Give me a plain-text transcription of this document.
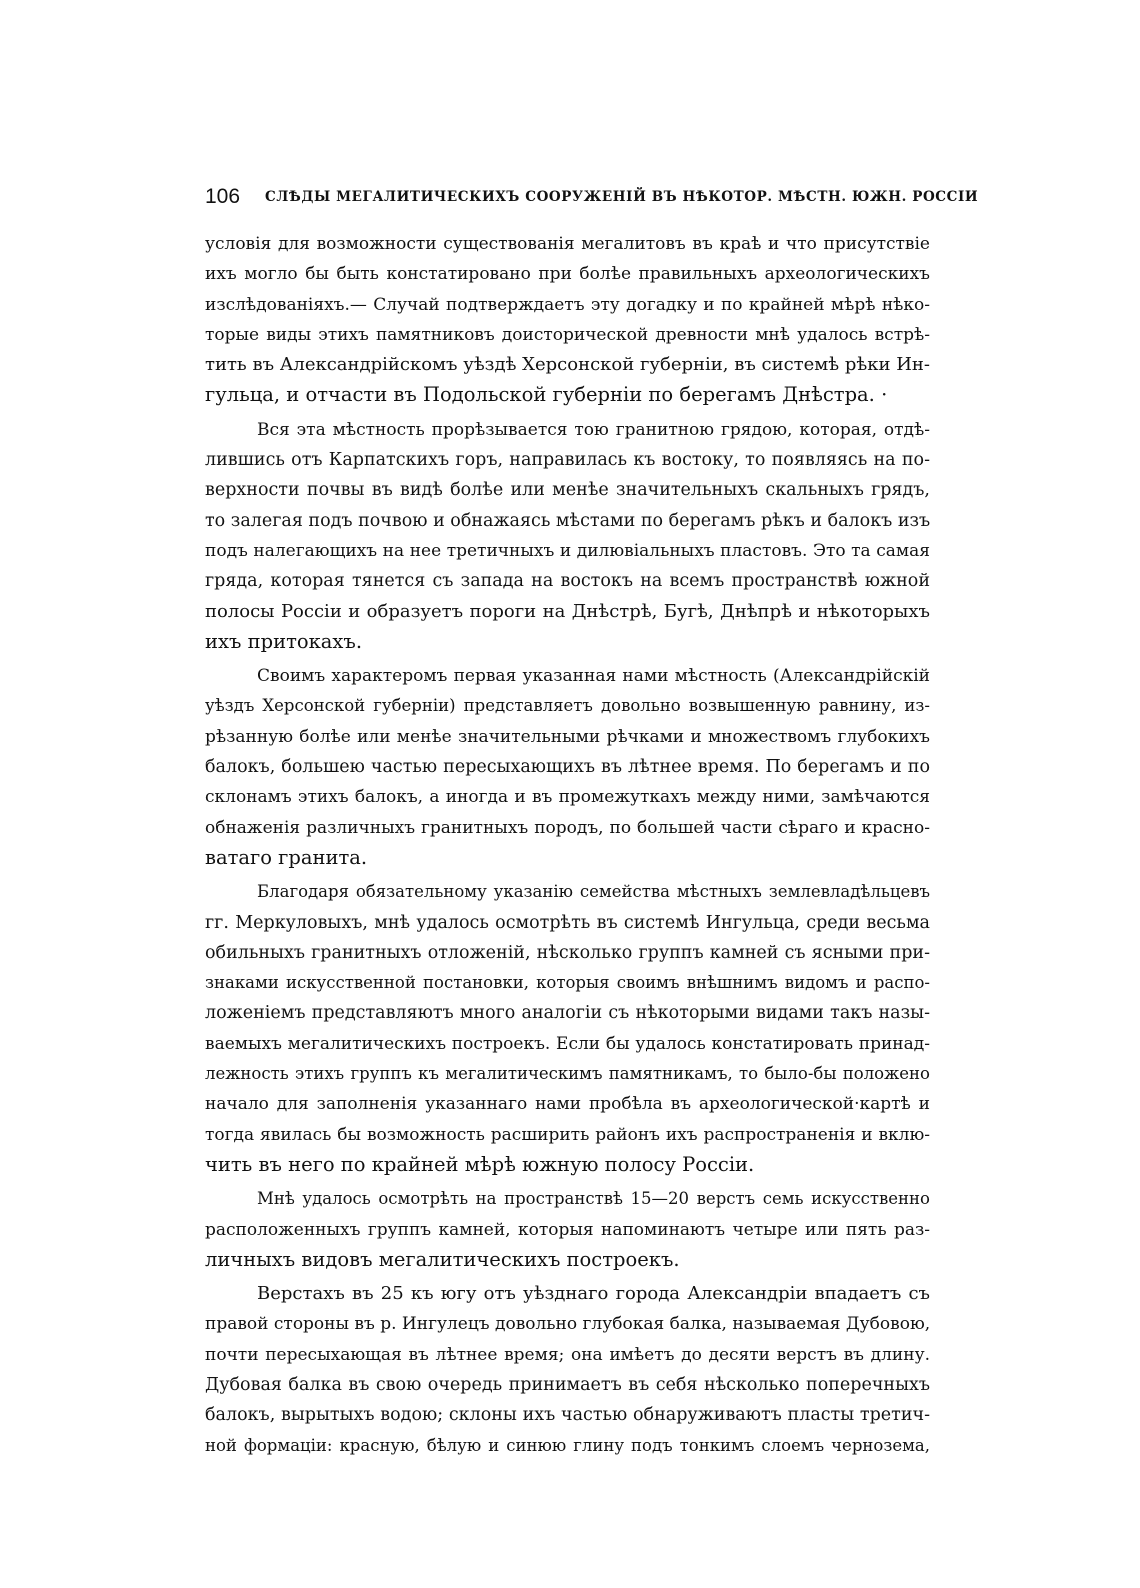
106 СЛѢДЫ МЕГАЛИТИЧЕСКИХЪ СООРУЖЕНІЙ ВЪ НѢКОТОР. МѢСТН. ЮЖН. РОССІИ
условія для возможности существованія мегалитовъ въ краѣ и что присутствіе
ихъ могло бы быть констатировано при болѣе правильныхъ археологическихъ
изслѣдованіяхъ.— Случай подтверждаетъ эту догадку и по крайней мѣрѣ нѣко-
торые виды этихъ памятниковъ доисторической древности мнѣ удалось встрѣ-
тить въ Александрійскомъ уѣздѣ Херсонской губерніи, въ системѣ рѣки Ин-
гульца, и отчасти въ Подольской губерніи по берегамъ Днѣстра. ·
Вся эта мѣстность прорѣзывается тою гранитною грядою, которая, отдѣ-
лившись отъ Карпатскихъ горъ, направилась къ востоку, то появляясь на по-
верхности почвы въ видѣ болѣе или менѣе значительныхъ скальныхъ грядъ,
то залегая подъ почвою и обнажаясь мѣстами по берегамъ рѣкъ и балокъ изъ
подъ налегающихъ на нее третичныхъ и дилювіальныхъ пластовъ. Это та самая
гряда, которая тянется съ запада на востокъ на всемъ пространствѣ южной
полосы Россіи и образуетъ пороги на Днѣстрѣ, Бугѣ, Днѣпрѣ и нѣкоторыхъ
ихъ притокахъ.
Своимъ характеромъ первая указанная нами мѣстность (Александрійскій
уѣздъ Херсонской губерніи) представляетъ довольно возвышенную равнину, из-
рѣзанную болѣе или менѣе значительными рѣчками и множествомъ глубокихъ
балокъ, большею частью пересыхающихъ въ лѣтнее время. По берегамъ и по
склонамъ этихъ балокъ, а иногда и въ промежуткахъ между ними, замѣчаются
обнаженія различныхъ гранитныхъ породъ, по большей части сѣраго и красно-
ватаго гранита.
Благодаря обязательному указанію семейства мѣстныхъ землевладѣльцевъ
гг. Меркуловыхъ, мнѣ удалось осмотрѣть въ системѣ Ингульца, среди весьма
обильныхъ гранитныхъ отложеній, нѣсколько группъ камней съ ясными при-
знаками искусственной постановки, которыя своимъ внѣшнимъ видомъ и распо-
ложеніемъ представляютъ много аналогіи съ нѣкоторыми видами такъ назы-
ваемыхъ мегалитическихъ построекъ. Если бы удалось констатировать принад-
лежность этихъ группъ къ мегалитическимъ памятникамъ, то было-бы положено
начало для заполненія указаннаго нами пробѣла въ археологической·картѣ и
тогда явилась бы возможность расширить районъ ихъ распространенія и вклю-
чить въ него по крайней мѣрѣ южную полосу Россіи.
Мнѣ удалось осмотрѣть на пространствѣ 15—20 верстъ семь искусственно
расположенныхъ группъ камней, которыя напоминаютъ четыре или пять раз-
личныхъ видовъ мегалитическихъ построекъ.
Верстахъ въ 25 къ югу отъ уѣзднаго города Александріи впадаетъ съ
правой стороны въ р. Ингулецъ довольно глубокая балка, называемая Дубовою,
почти пересыхающая въ лѣтнее время; она имѣетъ до десяти верстъ въ длину.
Дубовая балка въ свою очередь принимаетъ въ себя нѣсколько поперечныхъ
балокъ, вырытыхъ водою; склоны ихъ частью обнаруживаютъ пласты третич-
ной формаціи: красную, бѣлую и синюю глину подъ тонкимъ слоемъ чернозема,
